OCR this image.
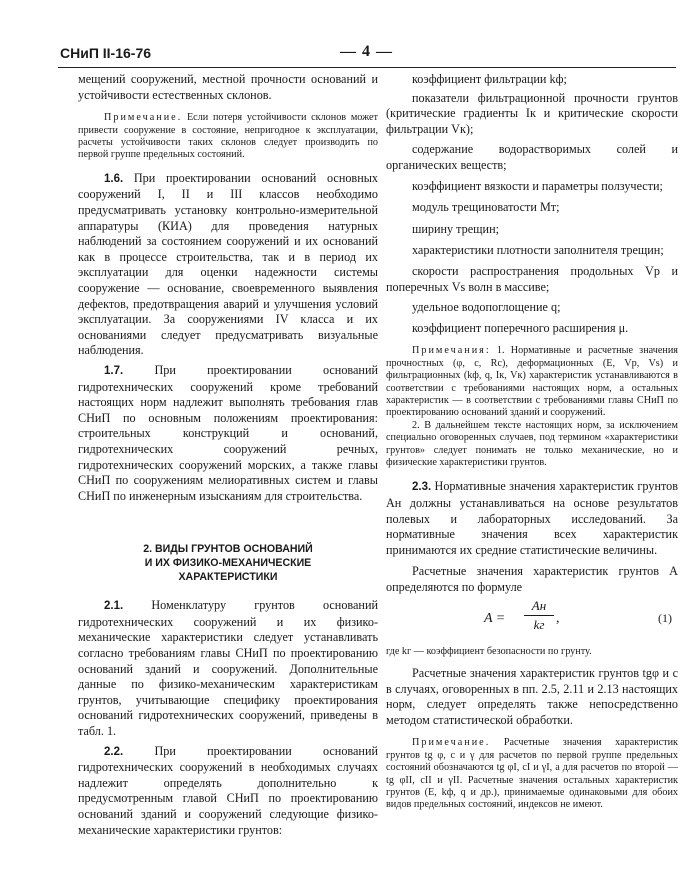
СНиП II-16-76	— 4 —

мещений сооружений, местной прочности оснований и устойчивости естественных склонов.

Примечание. Если потеря устойчивости склонов может привести сооружение в состояние, непригодное к эксплуатации, расчеты устойчивости таких склонов следует производить по первой группе предельных состояний.

1.6. При проектировании оснований основных сооружений I, II и III классов необходимо предусматривать установку контрольно-измерительной аппаратуры (КИА) для проведения натурных наблюдений за состоянием сооружений и их оснований как в процессе строительства, так и в период их эксплуатации для оценки надежности системы сооружение — основание, своевременного выявления дефектов, предотвращения аварий и улучшения условий эксплуатации. За сооружениями IV класса и их основаниями следует предусматривать визуальные наблюдения.

1.7. При проектировании оснований гидротехнических сооружений кроме требований настоящих норм надлежит выполнять требования глав СНиП по основным положениям проектирования: строительных конструкций и оснований, гидротехнических сооружений речных, гидротехнических сооружений морских, а также главы СНиП по сооружениям мелиоративных систем и главы СНиП по инженерным изысканиям для строительства.

2. ВИДЫ ГРУНТОВ ОСНОВАНИЙ

И ИХ ФИЗИКО-МЕХАНИЧЕСКИЕ

ХАРАКТЕРИСТИКИ

2.1. Номенклатуру грунтов оснований гидротехнических сооружений и их физико-механические характеристики следует устанавливать согласно требованиям главы СНиП по проектированию оснований зданий и сооружений. Дополнительные данные по физико-механическим характеристикам грунтов, учитывающие специфику проектирования оснований гидротехнических сооружений, приведены в табл. 1.

2.2. При проектировании оснований гидротехнических сооружений в необходимых случаях надлежит определять дополнительно к предусмотренным главой СНиП по проектированию оснований зданий и сооружений следующие физико-механические характеристики грунтов:

коэффициент фильтрации kф;

показатели фильтрационной прочности грунтов (критические градиенты Iк и критические скорости фильтрации Vк);

содержание водорастворимых солей и органических веществ;

коэффициент вязкости и параметры ползучести;

модуль трещиноватости Mт;

ширину трещин;

характеристики плотности заполнителя трещин;

скорости распространения продольных Vp и поперечных Vs волн в массиве;

удельное водопоглощение q;

коэффициент поперечного расширения μ.

Примечания: 1. Нормативные и расчетные значения прочностных (φ, c, Rc), деформационных (E, Vp, Vs) и фильтрационных (kф, q, Iк, Vк) характеристик устанавливаются в соответствии с требованиями настоящих норм, а остальных характеристик — в соответствии с требованиями главы СНиП по проектированию оснований зданий и сооружений.

2. В дальнейшем тексте настоящих норм, за исключением специально оговоренных случаев, под термином «характеристики грунтов» следует понимать не только механические, но и физические характеристики грунтов.

2.3. Нормативные значения характеристик грунтов Aн должны устанавливаться на основе результатов полевых и лабораторных исследований. За нормативные значения всех характеристик принимаются их средние статистические величины.

Расчетные значения характеристик грунтов A определяются по формуле

A =
Aн
kг ,	(1)

где kг — коэффициент безопасности по грунту.

Расчетные значения характеристик грунтов tgφ и c в случаях, оговоренных в пп. 2.5, 2.11 и 2.13 настоящих норм, следует определять также непосредственно методом статистической обработки.

Примечание. Расчетные значения характеристик грунтов tg φ, c и γ для расчетов по первой группе предельных состояний обозначаются tg φI, cI и γI, а для расчетов по второй — tg φII, cII и γII. Расчетные значения остальных характеристик грунтов (E, kф, q и др.), принимаемые одинаковыми для обоих видов предельных состояний, индексов не имеют.
